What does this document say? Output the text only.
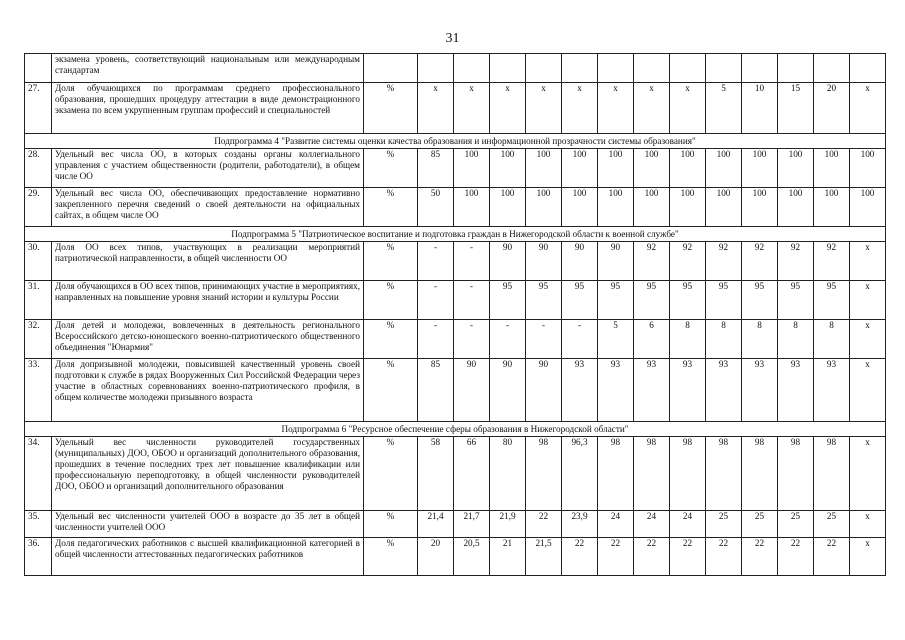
31
	экзамена уровень, соответствующий национальным или международным стандартам														
27.	Доля обучающихся по программам среднего профессионального образования, прошедших процедуру аттестации в виде демонстрационного экзамена по всем укрупненным группам профессий и специальностей	%	х	х	х	х	х	х	х	х	5	10	15	20	х
Подпрограмма 4 "Развитие системы оценки качества образования и информационной прозрачности системы образования"															
28.	Удельный вес числа ОО, в которых созданы органы коллегиального управления с участием общественности (родители, работодатели), в общем числе ОО	%	85	100	100	100	100	100	100	100	100	100	100	100	100
29.	Удельный вес числа ОО, обеспечивающих предоставление нормативно закрепленного перечня сведений о своей деятельности на официальных сайтах, в общем числе ОО	%	50	100	100	100	100	100	100	100	100	100	100	100	100
Подпрограмма 5 "Патриотическое воспитание и подготовка граждан в Нижегородской области к военной службе"															
30.	Доля ОО всех типов, участвующих в реализации мероприятий патриотической направленности, в общей численности ОО	%	-	-	90	90	90	90	92	92	92	92	92	92	х
31.	Доля обучающихся в ОО всех типов, принимающих участие в мероприятиях, направленных на повышение уровня знаний истории и культуры России	%	-	-	95	95	95	95	95	95	95	95	95	95	х
32.	Доля детей и молодежи, вовлеченных в деятельность регионального Всероссийского детско-юношеского военно-патриотического общественного объединения "Юнармия"	%	-	-	-	-	-	5	6	8	8	8	8	8	х
33.	Доля допризывной молодежи, повысившей качественный уровень своей подготовки к службе в рядах Вооруженных Сил Российской Федерации через участие в областных соревнованиях военно-патриотического профиля, в общем количестве молодежи призывного возраста	%	85	90	90	90	93	93	93	93	93	93	93	93	х
Подпрограмма 6 "Ресурсное обеспечение сферы образования в Нижегородской области"															
34.	Удельный вес численности руководителей государственных (муниципальных) ДОО, ОБОО и организаций дополнительного образования, прошедших в течение последних трех лет повышение квалификации или профессиональную переподготовку, в общей численности руководителей ДОО, ОБОО и организаций дополнительного образования	%	58	66	80	98	96,3	98	98	98	98	98	98	98	х
35.	Удельный вес численности учителей ООО в возрасте до 35 лет в общей численности учителей ООО	%	21,4	21,7	21,9	22	23,9	24	24	24	25	25	25	25	х
36.	Доля педагогических работников с высшей квалификационной категорией в общей численности аттестованных педагогических работников	%	20	20,5	21	21,5	22	22	22	22	22	22	22	22	х
